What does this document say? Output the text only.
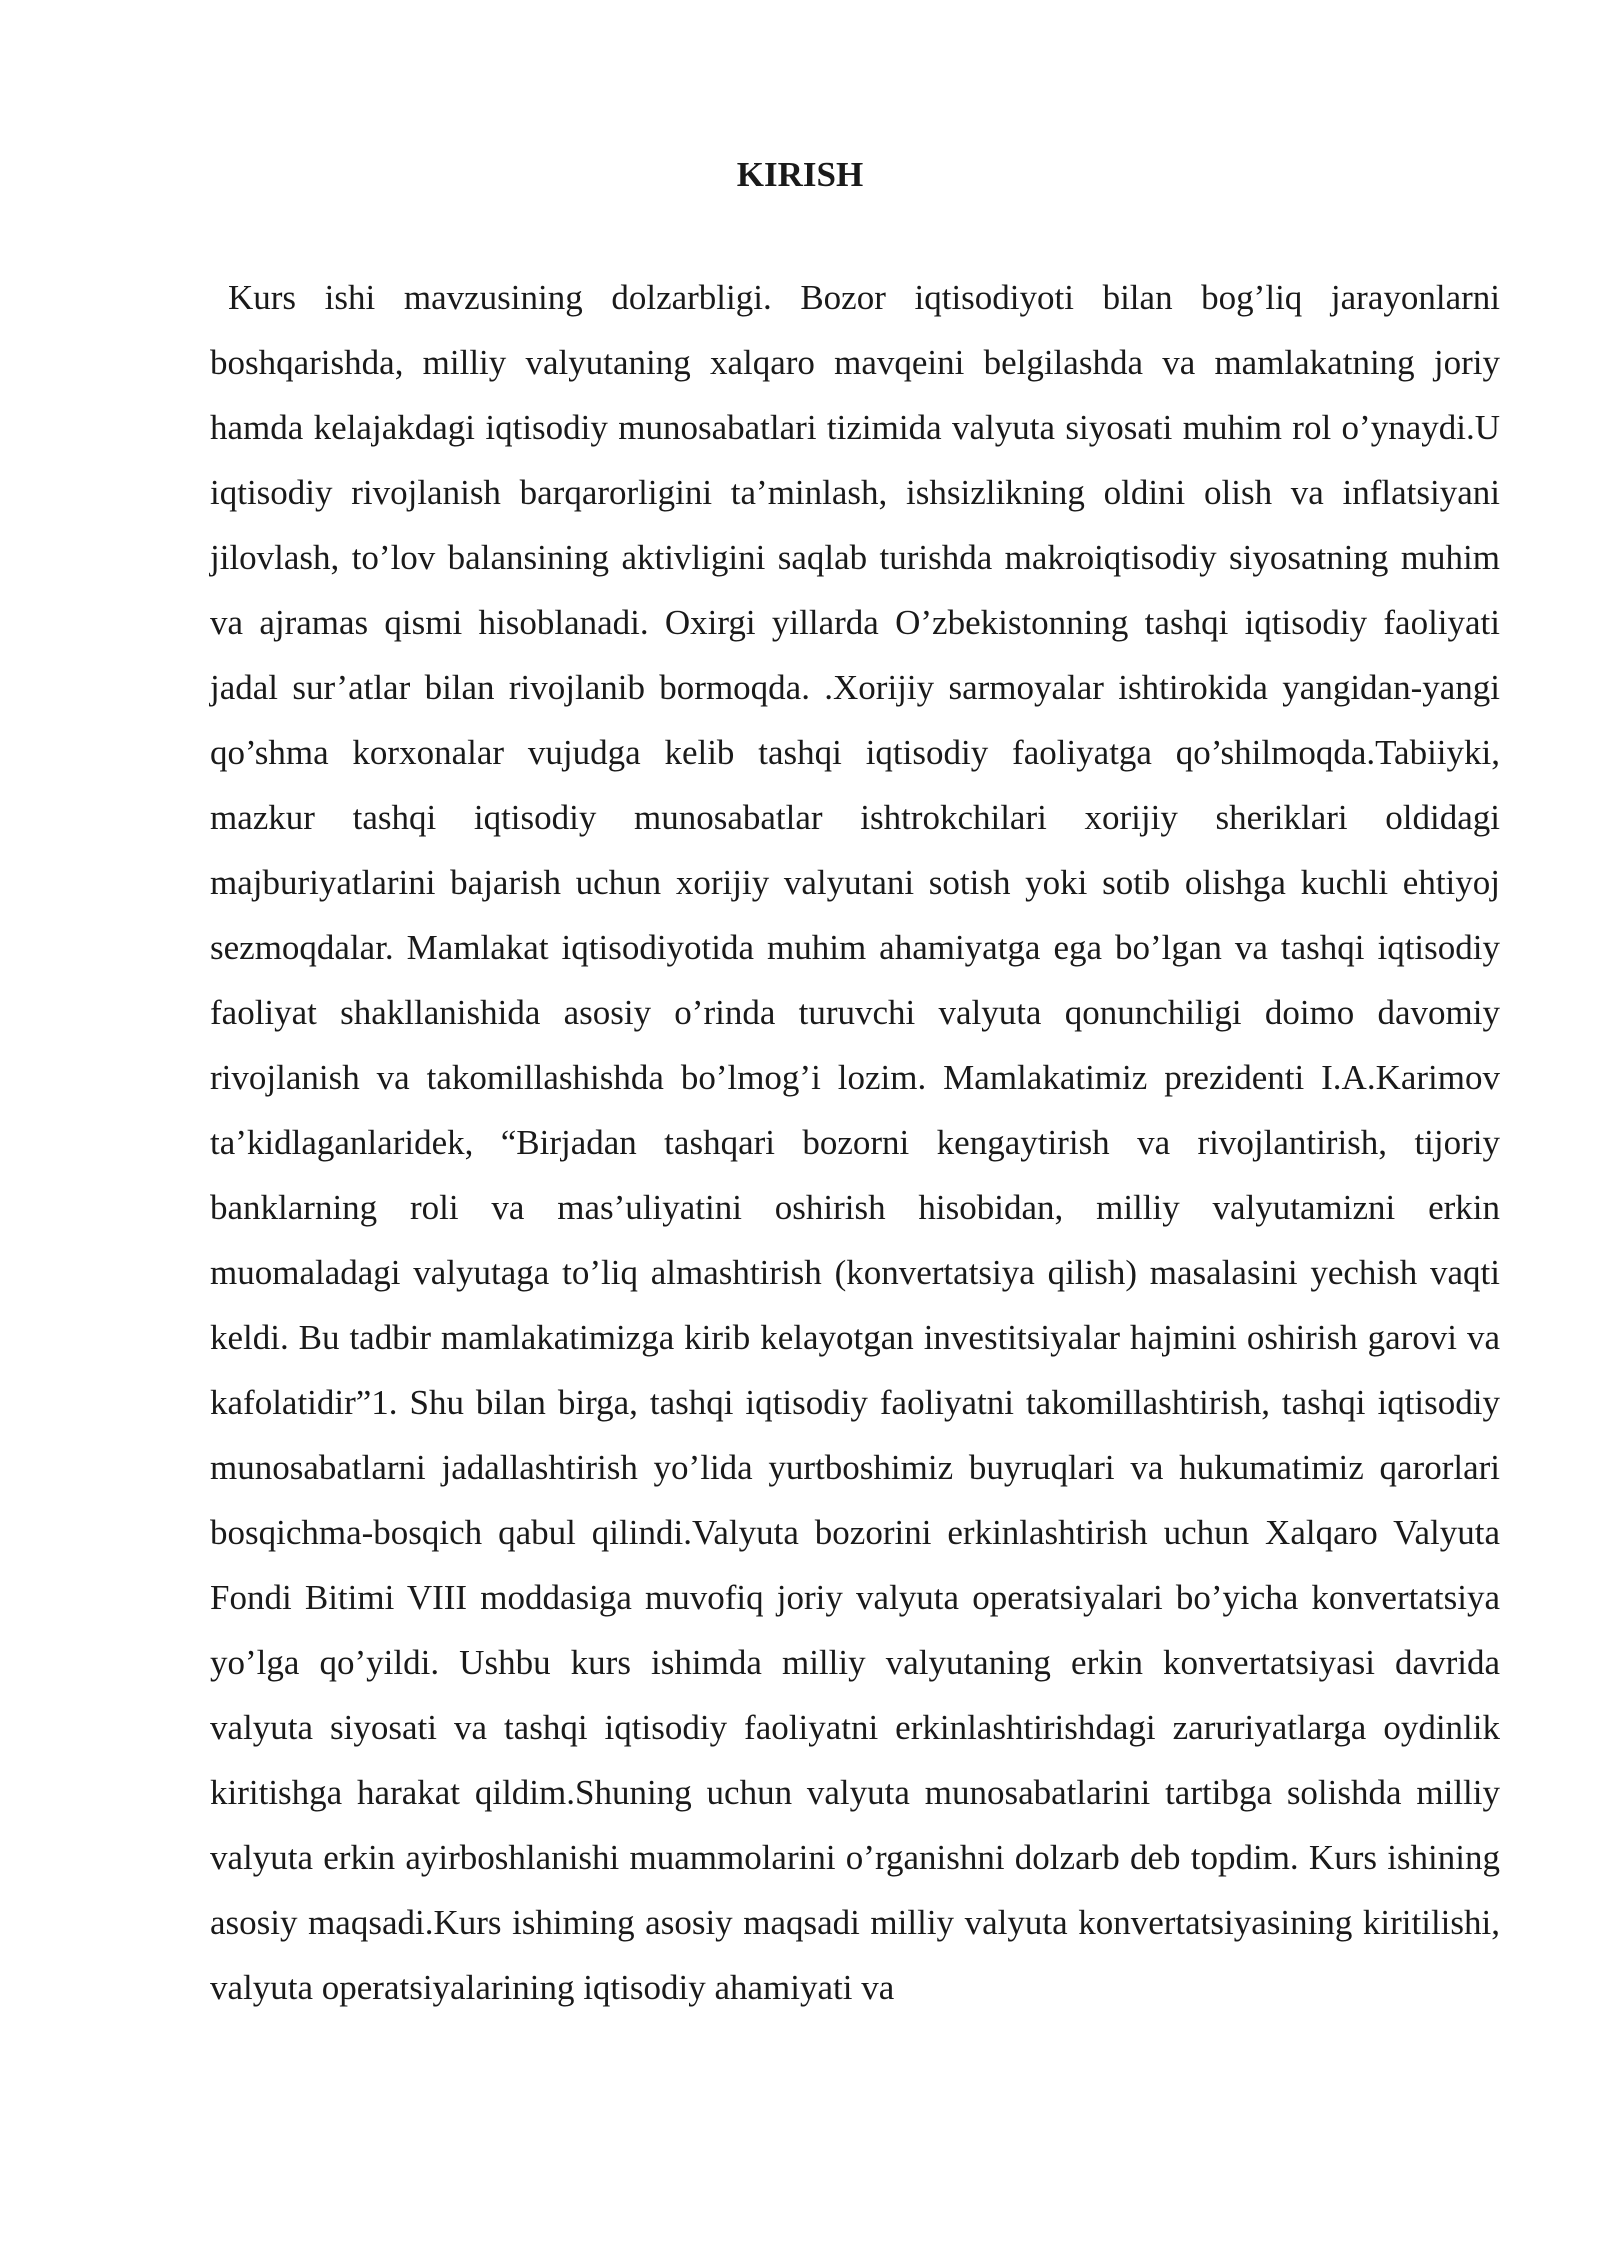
KIRISH

Kurs ishi mavzusining dolzarbligi. Bozor iqtisodiyoti bilan bog’liq jarayonlarni boshqarishda, milliy valyutaning xalqaro mavqeini belgilashda va mamlakatning joriy hamda kelajakdagi iqtisodiy munosabatlari tizimida valyuta siyosati muhim rol o’ynaydi.U iqtisodiy rivojlanish barqarorligini ta’minlash, ishsizlikning oldini olish va inflatsiyani jilovlash, to’lov balansining aktivligini saqlab turishda makroiqtisodiy siyosatning muhim va ajramas qismi hisoblanadi. Oxirgi yillarda O’zbekistonning tashqi iqtisodiy faoliyati jadal sur’atlar bilan rivojlanib bormoqda. .Xorijiy sarmoyalar ishtirokida yangidan-yangi qo’shma korxonalar vujudga kelib tashqi iqtisodiy faoliyatga qo’shilmoqda.Tabiiyki, mazkur tashqi iqtisodiy munosabatlar ishtrokchilari xorijiy sheriklari oldidagi majburiyatlarini bajarish uchun xorijiy valyutani sotish yoki sotib olishga kuchli ehtiyoj sezmoqdalar. Mamlakat iqtisodiyotida muhim ahamiyatga ega bo’lgan va tashqi iqtisodiy faoliyat shakllanishida asosiy o’rinda turuvchi valyuta qonunchiligi doimo davomiy rivojlanish va takomillashishda bo’lmog’i lozim. Mamlakatimiz prezidenti I.A.Karimov ta’kidlaganlaridek, “Birjadan tashqari bozorni kengaytirish va rivojlantirish, tijoriy banklarning roli va mas’uliyatini oshirish hisobidan, milliy valyutamizni erkin muomaladagi valyutaga to’liq almashtirish (konvertatsiya qilish) masalasini yechish vaqti keldi. Bu tadbir mamlakatimizga kirib kelayotgan investitsiyalar hajmini oshirish garovi va kafolatidir”1. Shu bilan birga, tashqi iqtisodiy faoliyatni takomillashtirish, tashqi iqtisodiy munosabatlarni jadallashtirish yo’lida yurtboshimiz buyruqlari va hukumatimiz qarorlari bosqichma-bosqich qabul qilindi.Valyuta bozorini erkinlashtirish uchun Xalqaro Valyuta Fondi Bitimi VIII moddasiga muvofiq joriy valyuta operatsiyalari bo’yicha konvertatsiya yo’lga qo’yildi. Ushbu kurs ishimda milliy valyutaning erkin konvertatsiyasi davrida valyuta siyosati va tashqi iqtisodiy faoliyatni erkinlashtirishdagi zaruriyatlarga oydinlik kiritishga harakat qildim.Shuning uchun valyuta munosabatlarini tartibga solishda milliy valyuta erkin ayirboshlanishi muammolarini o’rganishni dolzarb deb topdim. Kurs ishining asosiy maqsadi.Kurs ishiming asosiy maqsadi milliy valyuta konvertatsiyasining kiritilishi, valyuta operatsiyalarining iqtisodiy ahamiyati va
